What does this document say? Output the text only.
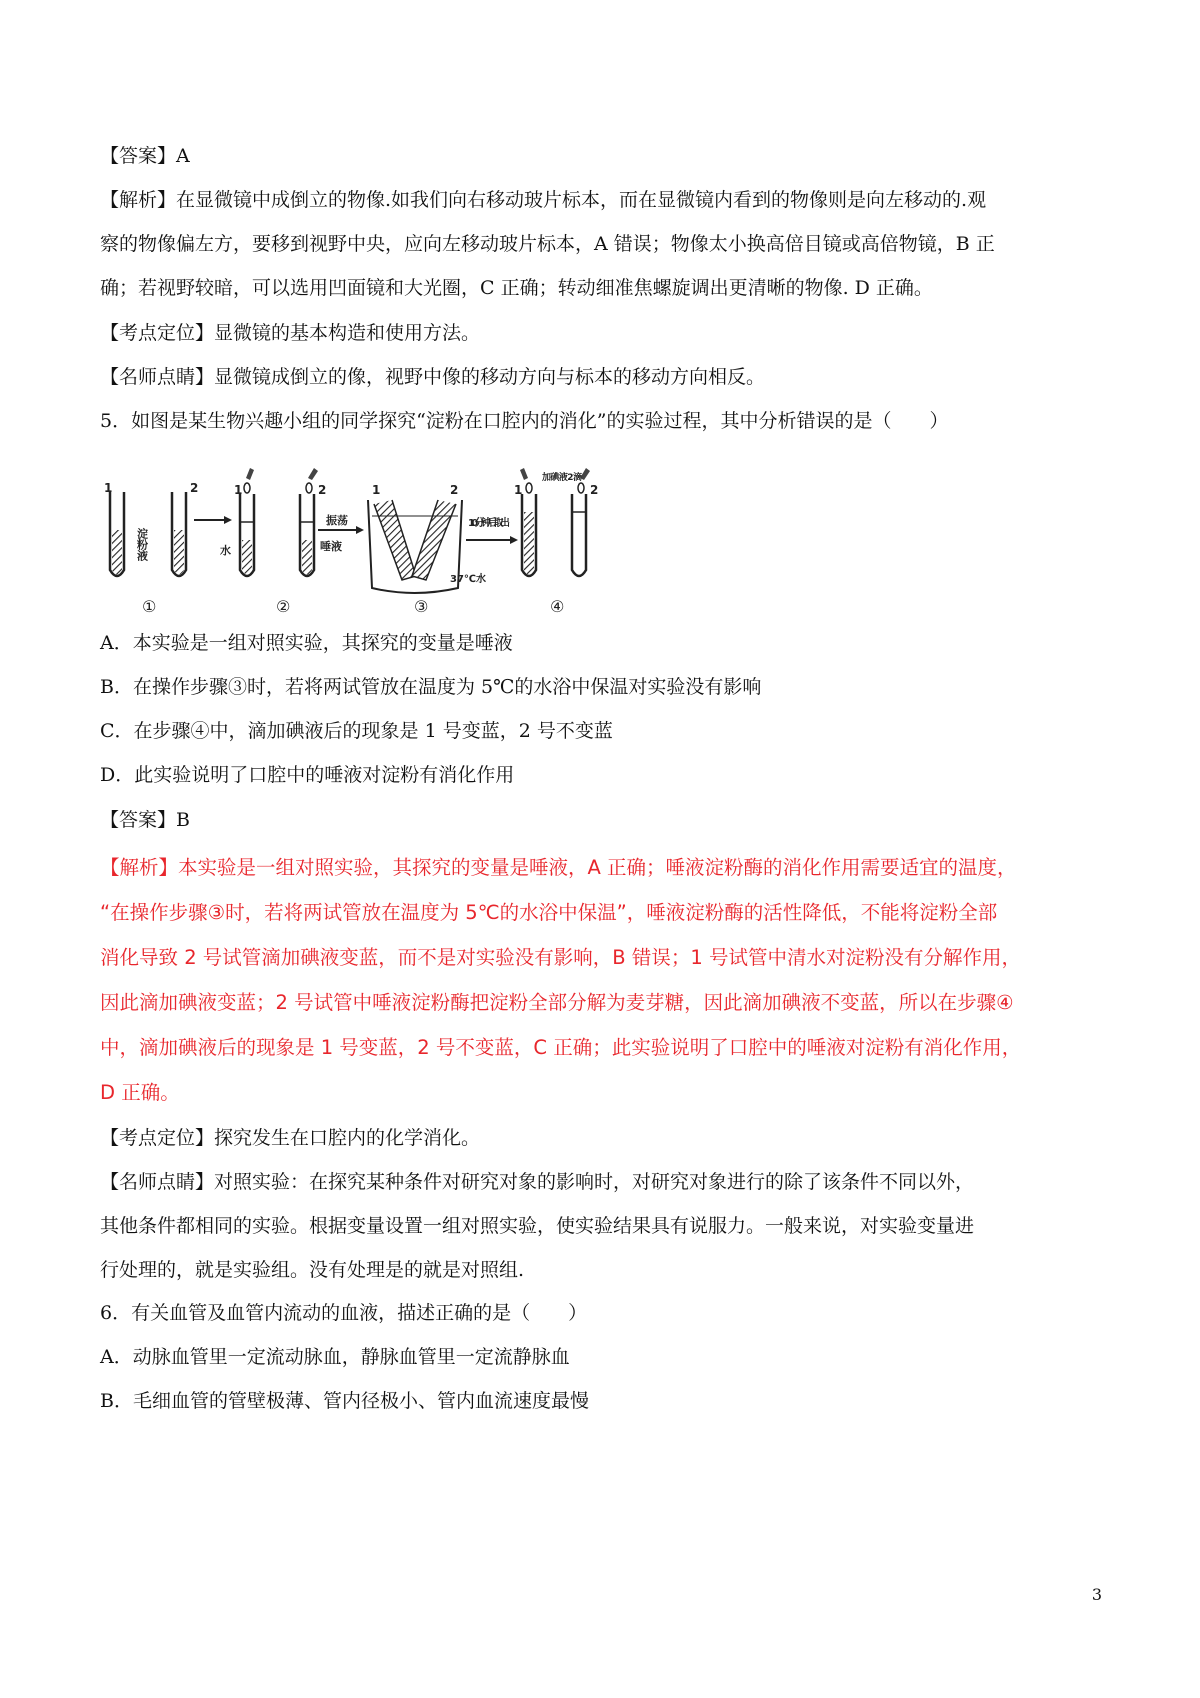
【答案】A
【解析】在显微镜中成倒立的物像.如我们向右移动玻片标本，而在显微镜内看到的物像则是向左移动的.观
察的物像偏左方，要移到视野中央，应向左移动玻片标本，A 错误；物像太小换高倍目镜或高倍物镜，B 正
确；若视野较暗，可以选用凹面镜和大光圈，C 正确；转动细准焦螺旋调出更清晰的物像. D 正确。
【考点定位】显微镜的基本构造和使用方法。
【名师点睛】显微镜成倒立的像，视野中像的移动方向与标本的移动方向相反。
5．如图是某生物兴趣小组的同学探究“淀粉在口腔内的消化”的实验过程，其中分析错误的是（　　）
1	2
淀粉液
1	2
水	唾液
振荡
1	2
37℃水
10分钟后取出
1	2
加碘液2滴
①	②	③	④
A．本实验是一组对照实验，其探究的变量是唾液
B．在操作步骤③时，若将两试管放在温度为 5℃的水浴中保温对实验没有影响
C．在步骤④中，滴加碘液后的现象是 1 号变蓝，2 号不变蓝
D．此实验说明了口腔中的唾液对淀粉有消化作用
【答案】B
【解析】本实验是一组对照实验，其探究的变量是唾液，A 正确；唾液淀粉酶的消化作用需要适宜的温度，
“在操作步骤③时，若将两试管放在温度为 5℃的水浴中保温”，唾液淀粉酶的活性降低，不能将淀粉全部
消化导致 2 号试管滴加碘液变蓝，而不是对实验没有影响，B 错误；1 号试管中清水对淀粉没有分解作用，
因此滴加碘液变蓝；2 号试管中唾液淀粉酶把淀粉全部分解为麦芽糖，因此滴加碘液不变蓝，所以在步骤④
中，滴加碘液后的现象是 1 号变蓝，2 号不变蓝，C 正确；此实验说明了口腔中的唾液对淀粉有消化作用，
D 正确。
【考点定位】探究发生在口腔内的化学消化。
【名师点睛】对照实验：在探究某种条件对研究对象的影响时，对研究对象进行的除了该条件不同以外，
其他条件都相同的实验。根据变量设置一组对照实验，使实验结果具有说服力。一般来说，对实验变量进
行处理的，就是实验组。没有处理是的就是对照组.
6．有关血管及血管内流动的血液，描述正确的是（　　）
A．动脉血管里一定流动脉血，静脉血管里一定流静脉血
B．毛细血管的管壁极薄、管内径极小、管内血流速度最慢
3
